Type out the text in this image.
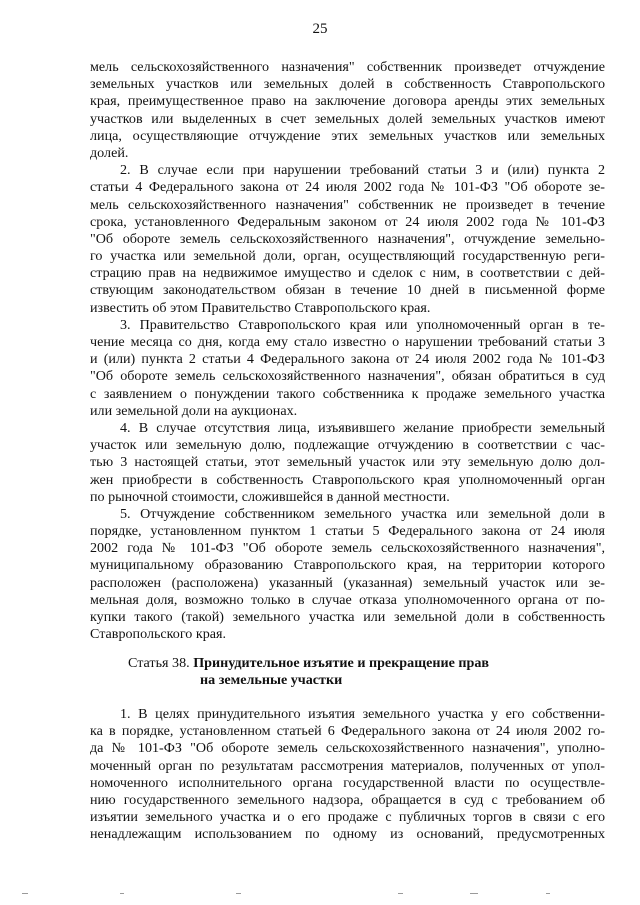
25
мель сельскохозяйственного назначения" собственник произведет отчуждение
земельных участков или земельных долей в собственность Ставропольского
края, преимущественное право на заключение договора аренды этих земельных
участков или выделенных в счет земельных долей земельных участков имеют
лица, осуществляющие отчуждение этих земельных участков или земельных
долей.
2. В случае если при нарушении требований статьи 3 и (или) пункта 2
статьи 4 Федерального закона от 24 июля 2002 года № 101-ФЗ "Об обороте зе-
мель сельскохозяйственного назначения" собственник не произведет в течение
срока, установленного Федеральным законом от 24 июля 2002 года № 101-ФЗ
"Об обороте земель сельскохозяйственного назначения", отчуждение земельно-
го участка или земельной доли, орган, осуществляющий государственную реги-
страцию прав на недвижимое имущество и сделок с ним, в соответствии с дей-
ствующим законодательством обязан в течение 10 дней в письменной форме
известить об этом Правительство Ставропольского края.
3. Правительство Ставропольского края или уполномоченный орган в те-
чение месяца со дня, когда ему стало известно о нарушении требований статьи 3
и (или) пункта 2 статьи 4 Федерального закона от 24 июля 2002 года № 101-ФЗ
"Об обороте земель сельскохозяйственного назначения", обязан обратиться в суд
с заявлением о понуждении такого собственника к продаже земельного участка
или земельной доли на аукционах.
4. В случае отсутствия лица, изъявившего желание приобрести земельный
участок или земельную долю, подлежащие отчуждению в соответствии с час-
тью 3 настоящей статьи, этот земельный участок или эту земельную долю дол-
жен приобрести в собственность Ставропольского края уполномоченный орган
по рыночной стоимости, сложившейся в данной местности.
5. Отчуждение собственником земельного участка или земельной доли в
порядке, установленном пунктом 1 статьи 5 Федерального закона от 24 июля
2002 года № 101-ФЗ "Об обороте земель сельскохозяйственного назначения",
муниципальному образованию Ставропольского края, на территории которого
расположен (расположена) указанный (указанная) земельный участок или зе-
мельная доля, возможно только в случае отказа уполномоченного органа от по-
купки такого (такой) земельного участка или земельной доли в собственность
Ставропольского края.
Статья 38. Принудительное изъятие и прекращение прав
на земельные участки
1. В целях принудительного изъятия земельного участка у его собственни-
ка в порядке, установленном статьей 6 Федерального закона от 24 июля 2002 го-
да № 101-ФЗ "Об обороте земель сельскохозяйственного назначения", уполно-
моченный орган по результатам рассмотрения материалов, полученных от упол-
номоченного исполнительного органа государственной власти по осуществле-
нию государственного земельного надзора, обращается в суд с требованием об
изъятии земельного участка и о его продаже с публичных торгов в связи с его
ненадлежащим использованием по одному из оснований, предусмотренных
